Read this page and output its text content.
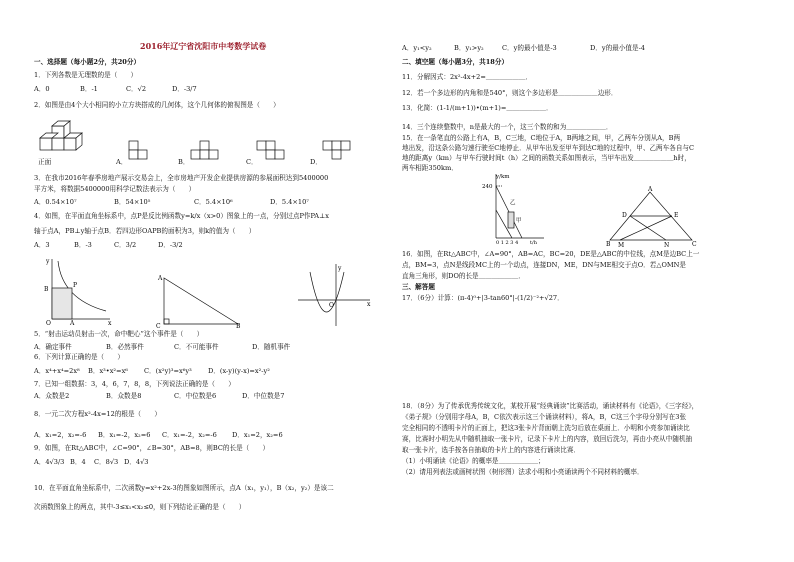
2016年辽宁省沈阳市中考数学试卷
一、选择题（每小题2分，共20分）
1．下列各数是无理数的是（　　）
A．0	B．-1	C．√2	D．-3/7
2．如图是由4个大小相同的小立方块搭成的几何体，这个几何体的俯视图是（　　）
正面	A．	B．	C．	D．
3．在我市2016年春季房地产展示交易会上，全市房地产开发企业提供房源的参展面积达到5400000
平方米，将数据5400000用科学记数法表示为（　　）
A．0.54×10⁷	B．54×10⁵	C．5.4×10⁶	D．5.4×10⁷
4．如图，在平面直角坐标系中，点P是反比例函数y=k/x（x>0）图象上的一点，分别过点P作PA⊥x
轴于点A，PB⊥y轴于点B．若四边形OAPB的面积为3，则k的值为（　　）
A．3	B．-3	C．3/2	D．-3/2
y
x
B
P
O	A
A
C	B
y
x
O
5．“射击运动员射击一次，命中靶心”这个事件是（　　）
A．确定事件	B．必然事件	C．不可能事件	D．随机事件
6．下列计算正确的是（　　）
A．x⁴+x⁴=2x⁸ B．x³•x²=x⁶ C．(x²y)³=x⁶y³ D．(x-y)(y-x)=x²-y²
7．已知一组数据：3，4，6，7，8，8，下列说法正确的是（　　）
A．众数是2	B．众数是8	C．中位数是6	D．中位数是7
8．一元二次方程x²-4x=12的根是（　　）
A．x₁=2，x₂=-6 B．x₁=-2，x₂=6 C．x₁=-2，x₂=-6 D．x₁=2，x₂=6
9．如图，在Rt△ABC中，∠C=90°，∠B=30°，AB=8，则BC的长是（　　）
A．4√3/3 B．4 C．8√3 D．4√3
10．在平面直角坐标系中，二次函数y=x²+2x-3的图象如图所示，点A（x₁，y₁），B（x₂，y₂）是该二
次函数图象上的两点，其中-3≤x₁<x₂≤0，则下列结论正确的是（　　）
A．y₁<y₂	B．y₁>y₂	C．y的最小值是-3	D．y的最小值是-4
二、填空题（每小题3分，共18分）
11．分解因式：2x²-4x+2=＿＿＿＿＿＿．
12．若一个多边形的内角和是540°，则这个多边形是＿＿＿＿＿＿边形．
13．化简：(1-1/(m+1))•(m+1)=＿＿＿＿＿＿．
14．三个连续整数中，n是最大的一个，这三个数的和为＿＿＿＿＿＿．
15．在一条笔直的公路上有A，B，C三地，C地位于A，B两地之间，甲，乙两车分别从A，B两
地出发，沿这条公路匀速行驶至C地停止．从甲车出发至甲车到达C地的过程中，甲、乙两车各自与C
地的距离y（km）与甲车行驶时间t（h）之间的函数关系如图表示，当甲车出发＿＿＿＿＿＿h时，
两车相距350km．
y/km
240
乙
甲
0 1 2 3 4 t/h
A
D	E
B M	N	C
16．如图，在Rt△ABC中，∠A=90°，AB=AC，BC=20，DE是△ABC的中位线，点M是边BC上一
点，BM=3，点N是线段MC上的一个动点，连接DN，ME，DN与ME相交于点O．若△OMN是
直角三角形，则DO的长是＿＿＿＿＿＿．
三、解答题
17．（6分）计算：(π-4)⁰+|3-tan60°|-(1/2)⁻²+√27．
18．（8分）为了传承优秀传统文化，某校开展“经典诵读”比赛活动，诵读材料有《论语》，《三字经》，
《弟子规》（分别用字母A，B，C依次表示这三个诵读材料），将A，B，C这三个字母分别写在3张
完全相同的不透明卡片的正面上，把这3张卡片背面朝上洗匀后放在桌面上．小明和小亮参加诵读比
赛，比赛时小明先从中随机抽取一张卡片，记录下卡片上的内容，放回后洗匀，再由小亮从中随机抽
取一张卡片，选手按各自抽取的卡片上的内容进行诵读比赛．
（1）小明诵读《论语》的概率是＿＿＿＿＿＿；
（2）请用列表法或画树状图（树形图）法求小明和小亮诵读两个不同材料的概率．
